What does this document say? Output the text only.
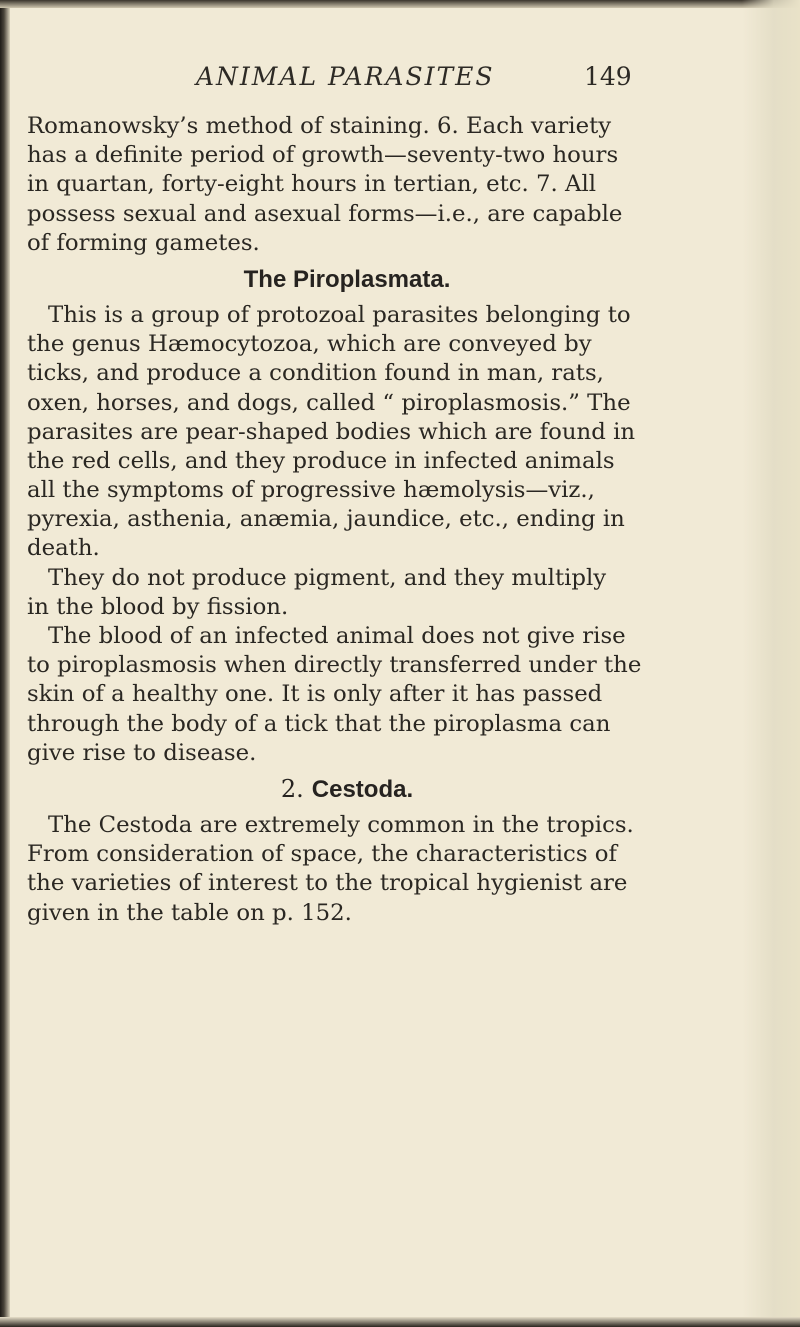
ANIMAL PARASITES	149
Romanowsky’s method of staining. 6. Each variety
has a definite period of growth—seventy-two hours
in quartan, forty-eight hours in tertian, etc. 7. All
possess sexual and asexual forms—i.e., are capable
of forming gametes.
The Piroplasmata.
This is a group of protozoal parasites belonging to
the genus Hæmocytozoa, which are conveyed by
ticks, and produce a condition found in man, rats,
oxen, horses, and dogs, called “ piroplasmosis.” The
parasites are pear-shaped bodies which are found in
the red cells, and they produce in infected animals
all the symptoms of progressive hæmolysis—viz.,
pyrexia, asthenia, anæmia, jaundice, etc., ending in
death.
They do not produce pigment, and they multiply
in the blood by fission.
The blood of an infected animal does not give rise
to piroplasmosis when directly transferred under the
skin of a healthy one. It is only after it has passed
through the body of a tick that the piroplasma can
give rise to disease.
2. Cestoda.
The Cestoda are extremely common in the tropics.
From consideration of space, the characteristics of
the varieties of interest to the tropical hygienist are
given in the table on p. 152.
